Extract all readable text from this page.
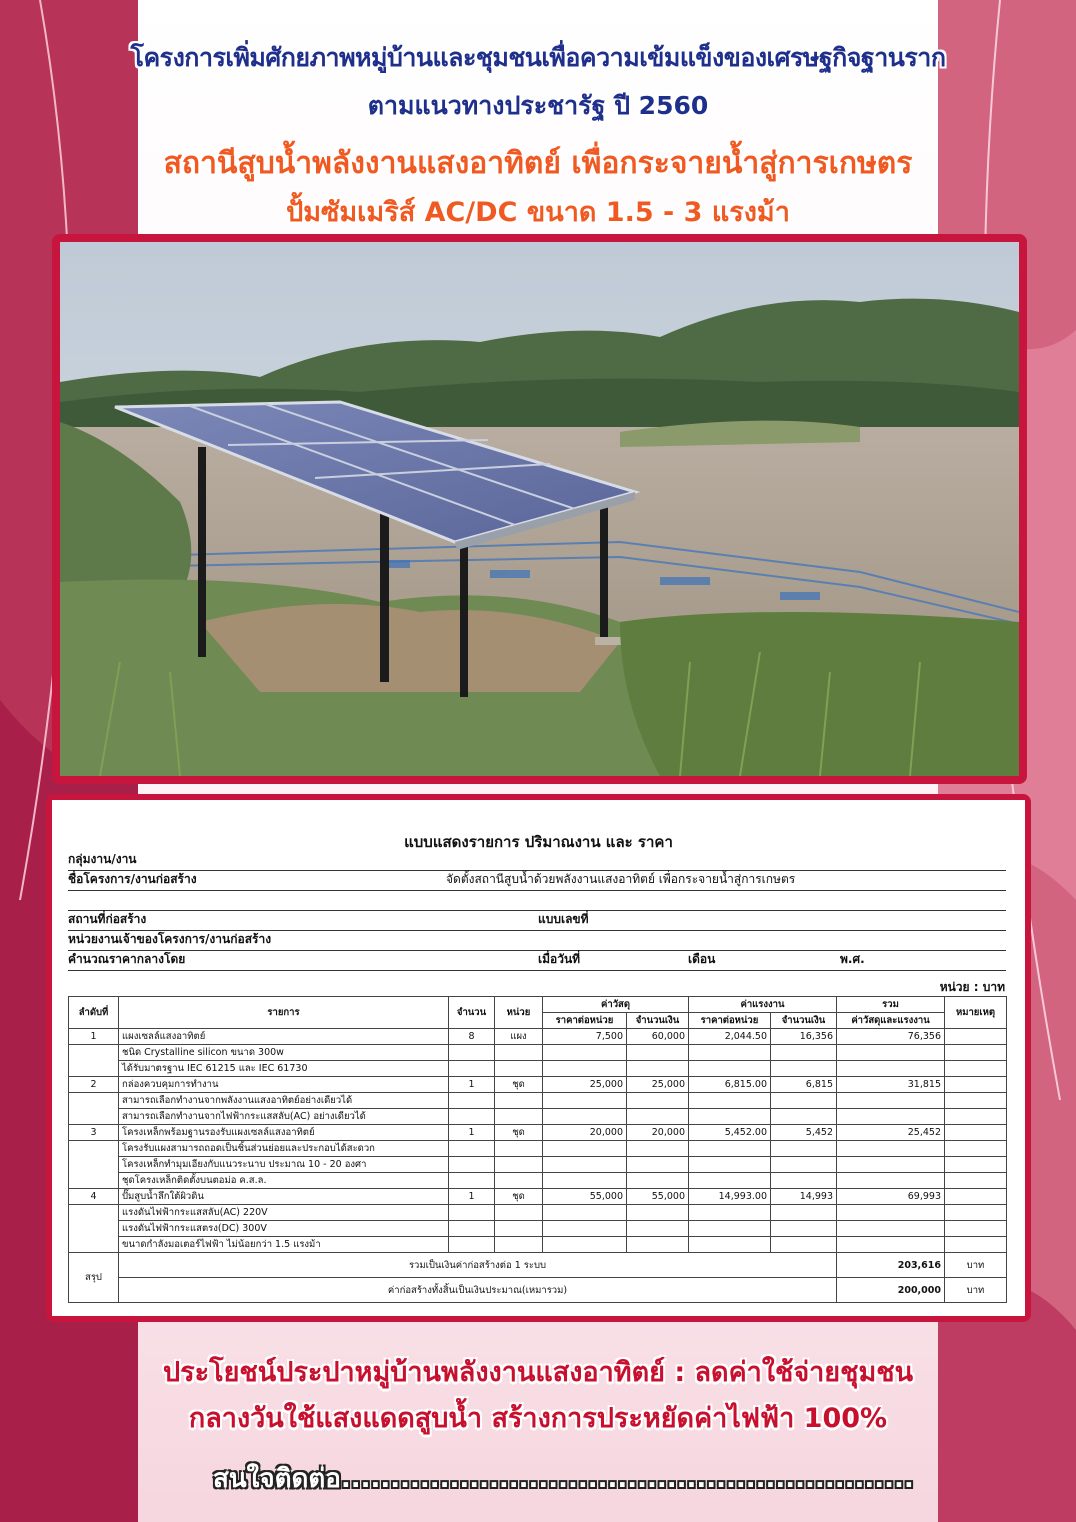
โครงการเพิ่มศักยภาพหมู่บ้านและชุมชนเพื่อความเข้มแข็งของเศรษฐกิจฐานราก
ตามแนวทางประชารัฐ ปี 2560
สถานีสูบน้ำพลังงานแสงอาทิตย์ เพื่อกระจายน้ำสู่การเกษตร
ปั้มซัมเมริส์ AC/DC ขนาด 1.5 - 3 แรงม้า
แบบแสดงรายการ ปริมาณงาน และ ราคา
กลุ่มงาน/งาน
ชื่อโครงการ/งานก่อสร้าง	จัดตั้งสถานีสูบน้ำด้วยพลังงานแสงอาทิตย์ เพื่อกระจายน้ำสู่การเกษตร
สถานที่ก่อสร้าง	แบบเลขที่
หน่วยงานเจ้าของโครงการ/งานก่อสร้าง
คำนวณราคากลางโดย	เมื่อวันที่	เดือน	พ.ศ.
หน่วย : บาท
ลำดับที่	รายการ	จำนวน	หน่วย	ค่าวัสดุ		ค่าแรงงาน		รวม	หมายเหตุ
				ราคาต่อหน่วย	จำนวนเงิน	ราคาต่อหน่วย	จำนวนเงิน	ค่าวัสดุและแรงงาน	
1	แผงเซลล์แสงอาทิตย์	8	แผง	7,500	60,000	2,044.50	16,356	76,356	
	ชนิด Crystalline silicon ขนาด 300w								
	ได้รับมาตรฐาน IEC 61215 และ IEC 61730								
2	กล่องควบคุมการทำงาน	1	ชุด	25,000	25,000	6,815.00	6,815	31,815	
	สามารถเลือกทำงานจากพลังงานแสงอาทิตย์อย่างเดียวได้								
	สามารถเลือกทำงานจากไฟฟ้ากระแสสลับ(AC) อย่างเดียวได้								
3	โครงเหล็กพร้อมฐานรองรับแผงเซลล์แสงอาทิตย์	1	ชุด	20,000	20,000	5,452.00	5,452	25,452	
	โครงรับแผงสามารถถอดเป็นชิ้นส่วนย่อยและประกอบได้สะดวก								
	โครงเหล็กทำมุมเอียงกับแนวระนาบ ประมาณ 10 - 20 องศา								
	ชุดโครงเหล็กติดตั้งบนตอม่อ ค.ส.ล.								
4	ปั๊มสูบน้ำลึกใต้ผิวดิน	1	ชุด	55,000	55,000	14,993.00	14,993	69,993	
	แรงดันไฟฟ้ากระแสสลับ(AC) 220V								
	แรงดันไฟฟ้ากระแสตรง(DC) 300V								
	ขนาดกำลังมอเตอร์ไฟฟ้า ไม่น้อยกว่า 1.5 แรงม้า								
สรุป	รวมเป็นเงินค่าก่อสร้างต่อ 1 ระบบ							203,616	บาท
	ค่าก่อสร้างทั้งสิ้นเป็นเงินประมาณ(เหมารวม)							200,000	บาท
ประโยชน์ประปาหมู่บ้านพลังงานแสงอาทิตย์ : ลดค่าใช้จ่ายชุมชน
กลางวันใช้แสงแดดสูบน้ำ สร้างการประหยัดค่าไฟฟ้า 100%
สนใจติดต่อ..........................................................
